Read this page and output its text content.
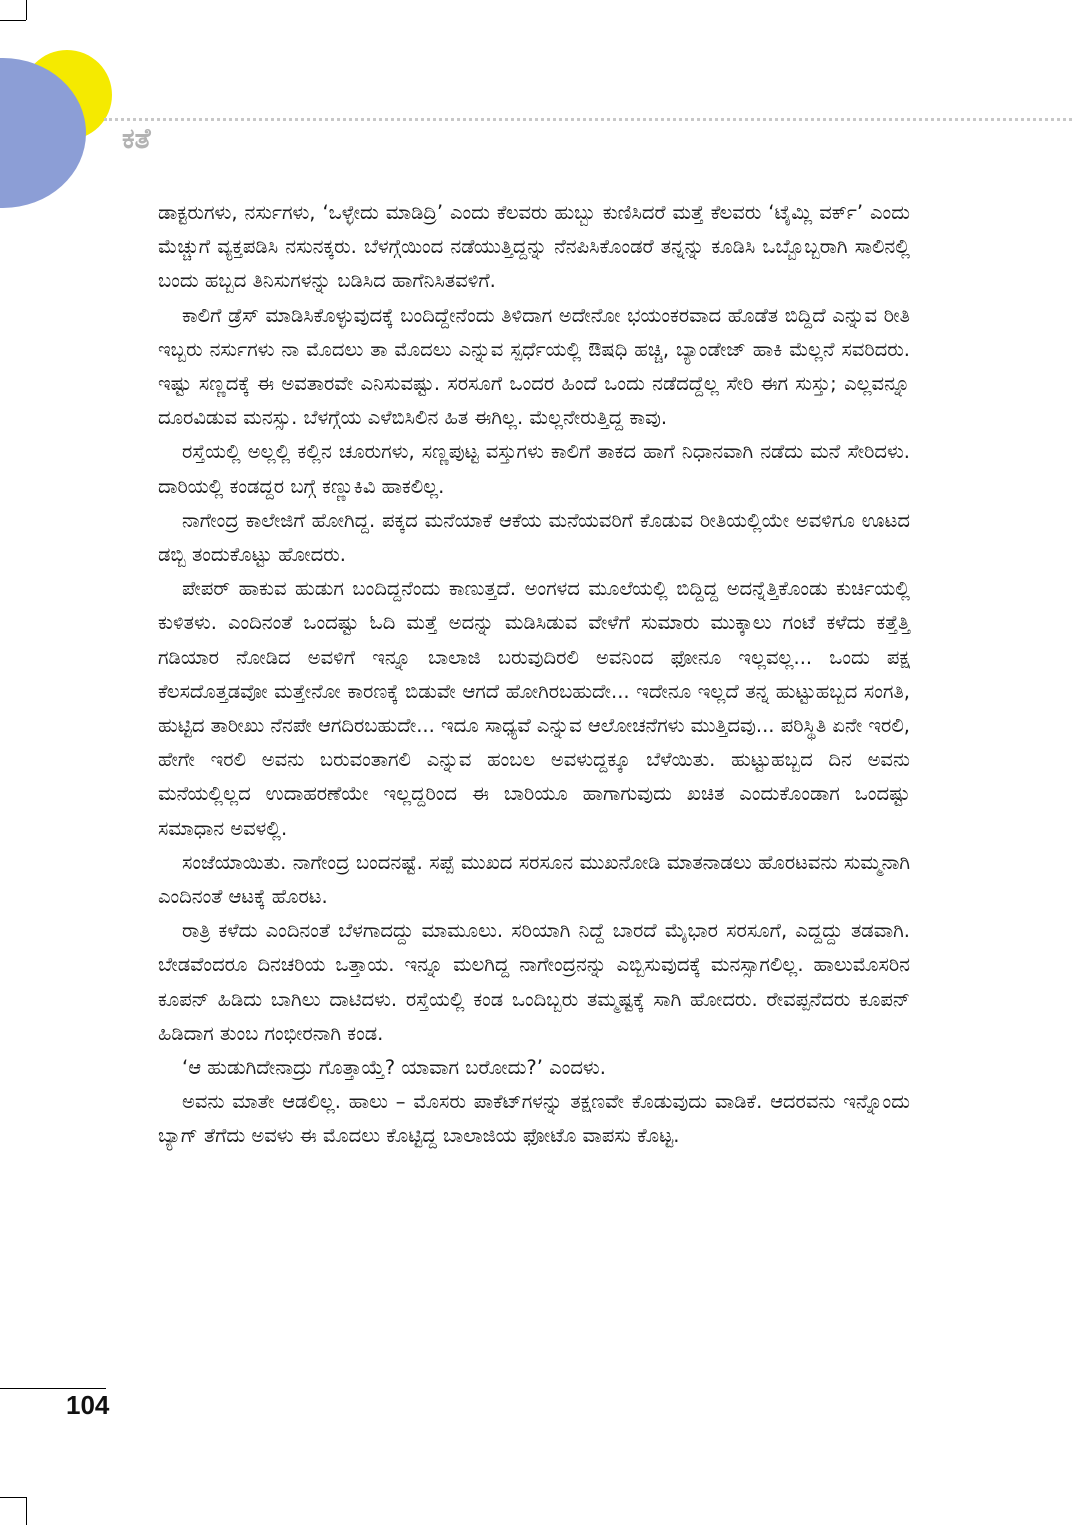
ಕತೆ

ಡಾಕ್ಟರುಗಳು, ನರ್ಸುಗಳು, ‘ಒಳ್ಳೇದು ಮಾಡಿದ್ರಿ’ ಎಂದು ಕೆಲವರು ಹುಬ್ಬು ಕುಣಿಸಿದರೆ ಮತ್ತೆ ಕೆಲವರು ‘ಟೈಮ್ಲಿ ವರ್ಕ್’ ಎಂದು ಮೆಚ್ಚುಗೆ ವ್ಯಕ್ತಪಡಿಸಿ ನಸುನಕ್ಕರು. ಬೆಳಗ್ಗೆಯಿಂದ ನಡೆಯುತ್ತಿದ್ದನ್ನು ನೆನಪಿಸಿಕೊಂಡರೆ ತನ್ನನ್ನು ಕೂಡಿಸಿ ಒಬ್ಬೊಬ್ಬರಾಗಿ ಸಾಲಿನಲ್ಲಿ ಬಂದು ಹಬ್ಬದ ತಿನಿಸುಗಳನ್ನು ಬಡಿಸಿದ ಹಾಗೆನಿಸಿತವಳಿಗೆ.

ಕಾಲಿಗೆ ಡ್ರೆಸ್ ಮಾಡಿಸಿಕೊಳ್ಳುವುದಕ್ಕೆ ಬಂದಿದ್ದೇನೆಂದು ತಿಳಿದಾಗ ಅದೇನೋ ಭಯಂಕರವಾದ ಹೊಡೆತ ಬಿದ್ದಿದೆ ಎನ್ನುವ ರೀತಿ ಇಬ್ಬರು ನರ್ಸುಗಳು ನಾ ಮೊದಲು ತಾ ಮೊದಲು ಎನ್ನುವ ಸ್ಪರ್ಧೆಯಲ್ಲಿ ಔಷಧಿ ಹಚ್ಚಿ, ಬ್ಯಾಂಡೇಜ್ ಹಾಕಿ ಮೆಲ್ಲನೆ ಸವರಿದರು. ಇಷ್ಟು ಸಣ್ಣದಕ್ಕೆ ಈ ಅವತಾರವೇ ಎನಿಸುವಷ್ಟು. ಸರಸೂಗೆ ಒಂದರ ಹಿಂದೆ ಒಂದು ನಡೆದದ್ದೆಲ್ಲ ಸೇರಿ ಈಗ ಸುಸ್ತು; ಎಲ್ಲವನ್ನೂ ದೂರವಿಡುವ ಮನಸ್ಸು. ಬೆಳಗ್ಗೆಯ ಎಳೆಬಿಸಿಲಿನ ಹಿತ ಈಗಿಲ್ಲ. ಮೆಲ್ಲನೇರುತ್ತಿದ್ದ ಕಾವು.

ರಸ್ತೆಯಲ್ಲಿ ಅಲ್ಲಲ್ಲಿ ಕಲ್ಲಿನ ಚೂರುಗಳು, ಸಣ್ಣಪುಟ್ಟ ವಸ್ತುಗಳು ಕಾಲಿಗೆ ತಾಕದ ಹಾಗೆ ನಿಧಾನವಾಗಿ ನಡೆದು ಮನೆ ಸೇರಿದಳು. ದಾರಿಯಲ್ಲಿ ಕಂಡದ್ದರ ಬಗ್ಗೆ ಕಣ್ಣುಕಿವಿ ಹಾಕಲಿಲ್ಲ.

ನಾಗೇಂದ್ರ ಕಾಲೇಜಿಗೆ ಹೋಗಿದ್ದ. ಪಕ್ಕದ ಮನೆಯಾಕೆ ಆಕೆಯ ಮನೆಯವರಿಗೆ ಕೊಡುವ ರೀತಿಯಲ್ಲಿಯೇ ಅವಳಿಗೂ ಊಟದ ಡಬ್ಬಿ ತಂದುಕೊಟ್ಟು ಹೋದರು.

ಪೇಪರ್ ಹಾಕುವ ಹುಡುಗ ಬಂದಿದ್ದನೆಂದು ಕಾಣುತ್ತದೆ. ಅಂಗಳದ ಮೂಲೆಯಲ್ಲಿ ಬಿದ್ದಿದ್ದ ಅದನ್ನೆತ್ತಿಕೊಂಡು ಕುರ್ಚಿಯಲ್ಲಿ ಕುಳಿತಳು. ಎಂದಿನಂತೆ ಒಂದಷ್ಟು ಓದಿ ಮತ್ತೆ ಅದನ್ನು ಮಡಿಸಿಡುವ ವೇಳೆಗೆ ಸುಮಾರು ಮುಕ್ಕಾಲು ಗಂಟೆ ಕಳೆದು ಕತ್ತೆತ್ತಿ ಗಡಿಯಾರ ನೋಡಿದ ಅವಳಿಗೆ ಇನ್ನೂ ಬಾಲಾಜಿ ಬರುವುದಿರಲಿ ಅವನಿಂದ ಫೋನೂ ಇಲ್ಲವಲ್ಲ... ಒಂದು ಪಕ್ಷ ಕೆಲಸದೊತ್ತಡವೋ ಮತ್ತೇನೋ ಕಾರಣಕ್ಕೆ ಬಿಡುವೇ ಆಗದೆ ಹೋಗಿರಬಹುದೇ... ಇದೇನೂ ಇಲ್ಲದೆ ತನ್ನ ಹುಟ್ಟುಹಬ್ಬದ ಸಂಗತಿ, ಹುಟ್ಟಿದ ತಾರೀಖು ನೆನಪೇ ಆಗದಿರಬಹುದೇ... ಇದೂ ಸಾಧ್ಯವೆ ಎನ್ನುವ ಆಲೋಚನೆಗಳು ಮುತ್ತಿದವು... ಪರಿಸ್ಥಿತಿ ಏನೇ ಇರಲಿ, ಹೇಗೇ ಇರಲಿ ಅವನು ಬರುವಂತಾಗಲಿ ಎನ್ನುವ ಹಂಬಲ ಅವಳುದ್ದಕ್ಕೂ ಬೆಳೆಯಿತು. ಹುಟ್ಟುಹಬ್ಬದ ದಿನ ಅವನು ಮನೆಯಲ್ಲಿಲ್ಲದ ಉದಾಹರಣೆಯೇ ಇಲ್ಲದ್ದರಿಂದ ಈ ಬಾರಿಯೂ ಹಾಗಾಗುವುದು ಖಚಿತ ಎಂದುಕೊಂಡಾಗ ಒಂದಷ್ಟು ಸಮಾಧಾನ ಅವಳಲ್ಲಿ.

ಸಂಜೆಯಾಯಿತು. ನಾಗೇಂದ್ರ ಬಂದನಷ್ಟೆ. ಸಪ್ಪೆ ಮುಖದ ಸರಸೂನ ಮುಖನೋಡಿ ಮಾತನಾಡಲು ಹೊರಟವನು ಸುಮ್ಮನಾಗಿ ಎಂದಿನಂತೆ ಆಟಕ್ಕೆ ಹೊರಟ.

ರಾತ್ರಿ ಕಳೆದು ಎಂದಿನಂತೆ ಬೆಳಗಾದದ್ದು ಮಾಮೂಲು. ಸರಿಯಾಗಿ ನಿದ್ದೆ ಬಾರದೆ ಮೈಭಾರ ಸರಸೂಗೆ, ಎದ್ದದ್ದು ತಡವಾಗಿ. ಬೇಡವೆಂದರೂ ದಿನಚರಿಯ ಒತ್ತಾಯ. ಇನ್ನೂ ಮಲಗಿದ್ದ ನಾಗೇಂದ್ರನನ್ನು ಎಬ್ಬಿಸುವುದಕ್ಕೆ ಮನಸ್ಸಾಗಲಿಲ್ಲ. ಹಾಲುಮೊಸರಿನ ಕೂಪನ್ ಹಿಡಿದು ಬಾಗಿಲು ದಾಟಿದಳು. ರಸ್ತೆಯಲ್ಲಿ ಕಂಡ ಒಂದಿಬ್ಬರು ತಮ್ಮಷ್ಟಕ್ಕೆ ಸಾಗಿ ಹೋದರು. ರೇವಪ್ಪನೆದರು ಕೂಪನ್ ಹಿಡಿದಾಗ ತುಂಬ ಗಂಭೀರನಾಗಿ ಕಂಡ.

‘ಆ ಹುಡುಗಿದೇನಾದ್ರು ಗೊತ್ತಾಯ್ತೆ? ಯಾವಾಗ ಬರೋದು?’ ಎಂದಳು.

ಅವನು ಮಾತೇ ಆಡಲಿಲ್ಲ. ಹಾಲು – ಮೊಸರು ಪಾಕೆಟ್‌ಗಳನ್ನು ತಕ್ಷಣವೇ ಕೊಡುವುದು ವಾಡಿಕೆ. ಆದರವನು ಇನ್ನೊಂದು ಬ್ಯಾಗ್ ತೆಗೆದು ಅವಳು ಈ ಮೊದಲು ಕೊಟ್ಟಿದ್ದ ಬಾಲಾಜಿಯ ಫೋಟೊ ವಾಪಸು ಕೊಟ್ಟ.

104
